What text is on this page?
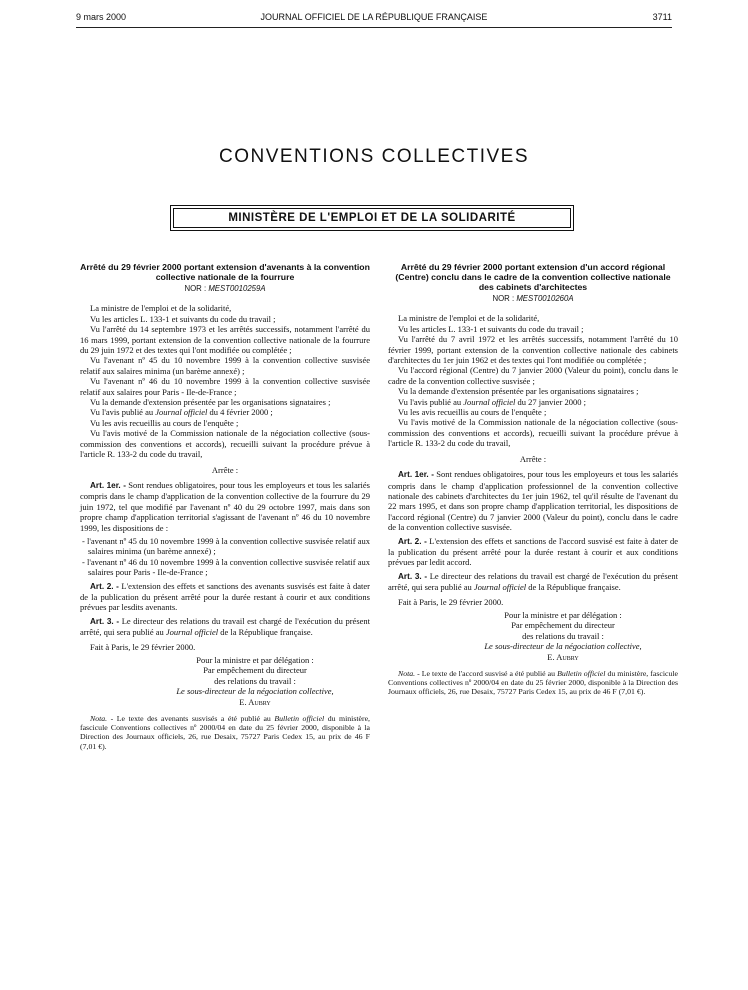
9 mars 2000	JOURNAL OFFICIEL DE LA RÉPUBLIQUE FRANÇAISE	3711
CONVENTIONS COLLECTIVES
MINISTÈRE DE L'EMPLOI ET DE LA SOLIDARITÉ
Arrêté du 29 février 2000 portant extension d'avenants à la convention collective nationale de la fourrure
NOR : MEST0010259A

La ministre de l'emploi et de la solidarité,

Vu les articles L. 133-1 et suivants du code du travail ;

Vu l'arrêté du 14 septembre 1973 et les arrêtés successifs, notamment l'arrêté du 16 mars 1999, portant extension de la convention collective nationale de la fourrure du 29 juin 1972 et des textes qui l'ont modifiée ou complétée ;

Vu l'avenant nº 45 du 10 novembre 1999 à la convention collective susvisée relatif aux salaires minima (un barème annexé) ;

Vu l'avenant nº 46 du 10 novembre 1999 à la convention collective susvisée relatif aux salaires pour Paris - Ile-de-France ;

Vu la demande d'extension présentée par les organisations signataires ;

Vu l'avis publié au Journal officiel du 4 février 2000 ;

Vu les avis recueillis au cours de l'enquête ;

Vu l'avis motivé de la Commission nationale de la négociation collective (sous-commission des conventions et accords), recueilli suivant la procédure prévue à l'article R. 133-2 du code du travail,

Arrête :

Art. 1er. - Sont rendues obligatoires, pour tous les employeurs et tous les salariés compris dans le champ d'application de la convention collective de la fourrure du 29 juin 1972, tel que modifié par l'avenant nº 40 du 29 octobre 1997, mais dans son propre champ d'application territorial s'agissant de l'avenant nº 46 du 10 novembre 1999, les dispositions de :

- l'avenant nº 45 du 10 novembre 1999 à la convention collective susvisée relatif aux salaires minima (un barème annexé) ;

- l'avenant nº 46 du 10 novembre 1999 à la convention collective susvisée relatif aux salaires pour Paris - Ile-de-France ;

Art. 2. - L'extension des effets et sanctions des avenants susvisés est faite à dater de la publication du présent arrêté pour la durée restant à courir et aux conditions prévues par lesdits avenants.

Art. 3. - Le directeur des relations du travail est chargé de l'exécution du présent arrêté, qui sera publié au Journal officiel de la République française.

Fait à Paris, le 29 février 2000.

Pour la ministre et par délégation :
Par empêchement du directeur
des relations du travail :
Le sous-directeur de la négociation collective,
E. Aubry

Nota. - Le texte des avenants susvisés a été publié au Bulletin officiel du ministère, fascicule Conventions collectives nº 2000/04 en date du 25 février 2000, disponible à la Direction des Journaux officiels, 26, rue Desaix, 75727 Paris Cedex 15, au prix de 46 F (7,01 €).

Arrêté du 29 février 2000 portant extension d'un accord régional (Centre) conclu dans le cadre de la convention collective nationale des cabinets d'architectes
NOR : MEST0010260A

La ministre de l'emploi et de la solidarité,

Vu les articles L. 133-1 et suivants du code du travail ;

Vu l'arrêté du 7 avril 1972 et les arrêtés successifs, notamment l'arrêté du 10 février 1999, portant extension de la convention collective nationale des cabinets d'architectes du 1er juin 1962 et des textes qui l'ont modifiée ou complétée ;

Vu l'accord régional (Centre) du 7 janvier 2000 (Valeur du point), conclu dans le cadre de la convention collective susvisée ;

Vu la demande d'extension présentée par les organisations signataires ;

Vu l'avis publié au Journal officiel du 27 janvier 2000 ;

Vu les avis recueillis au cours de l'enquête ;

Vu l'avis motivé de la Commission nationale de la négociation collective (sous-commission des conventions et accords), recueilli suivant la procédure prévue à l'article R. 133-2 du code du travail,

Arrête :

Art. 1er. - Sont rendues obligatoires, pour tous les employeurs et tous les salariés compris dans le champ d'application professionnel de la convention collective nationale des cabinets d'architectes du 1er juin 1962, tel qu'il résulte de l'avenant du 22 mars 1995, et dans son propre champ d'application territorial, les dispositions de l'accord régional (Centre) du 7 janvier 2000 (Valeur du point), conclu dans le cadre de la convention collective susvisée.

Art. 2. - L'extension des effets et sanctions de l'accord susvisé est faite à dater de la publication du présent arrêté pour la durée restant à courir et aux conditions prévues par ledit accord.

Art. 3. - Le directeur des relations du travail est chargé de l'exécution du présent arrêté, qui sera publié au Journal officiel de la République française.

Fait à Paris, le 29 février 2000.

Pour la ministre et par délégation :
Par empêchement du directeur
des relations du travail :
Le sous-directeur de la négociation collective,
E. Aubry

Nota. - Le texte de l'accord susvisé a été publié au Bulletin officiel du ministère, fascicule Conventions collectives nº 2000/04 en date du 25 février 2000, disponible à la Direction des Journaux officiels, 26, rue Desaix, 75727 Paris Cedex 15, au prix de 46 F (7,01 €).
